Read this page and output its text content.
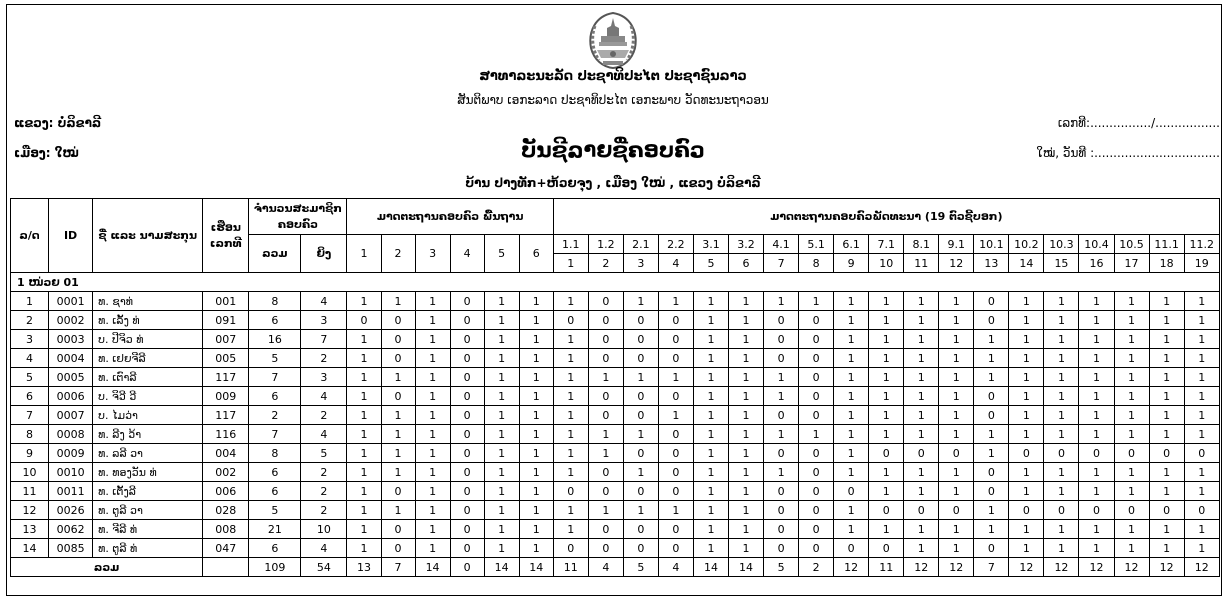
ສາທາລະນະລັດ ປະຊາທິປະໄຕ ປະຊາຊົນລາວ
ສັນຕິພາບ ເອກະລາດ ປະຊາທິປະໄຕ ເອກະພາບ ວັດທະນະຖາວອນ
ແຂວງ: ບໍ່ລິຂາລີ
ເມືອງ: ໃໝ່
ເລກທີ:................/.................
ໃໝ່, ວັນທີ :.................................
ບັນຊີລາຍຊື່ຄອບຄົວ
ບ້ານ ປາງທັກ+ຫ້ວຍຈຸງ , ເມືອງ ໃໝ່ , ແຂວງ ບໍ່ລິຂາລີ
ລ/ດ	ID	ຊື່ ແລະ ນາມສະກຸນ	ເຮືອນ ເລກທີ	ຈຳນວນສະມາຊິກ ຄອບຄົວ		ມາດຕະຖານຄອບຄົວ ພື້ນຖານ						ມາດຕະຖານຄອບຄົວພັດທະນາ (19 ຕົວຊີ້ບອກ)																		
				ລວມ	ຍິງ	1	2	3	4	5	6	1.1	1.2	2.1	2.2	3.1	3.2	4.1	5.1	6.1	7.1	8.1	9.1	10.1	10.2	10.3	10.4	10.5	11.1	11.2
												1	2	3	4	5	6	7	8	9	10	11	12	13	14	15	16	17	18	19
1 ໜ່ວຍ 01																														
1	0001	ທ. ຊາທ່	001	8	4	1	1	1	0	1	1	1	0	1	1	1	1	1	1	1	1	1	1	0	1	1	1	1	1	1
2	0002	ທ. ເລັ້ງ ທ່	091	6	3	0	0	1	0	1	1	0	0	0	0	1	1	0	0	1	1	1	1	0	1	1	1	1	1	1
3	0003	ບ. ປີຈິວ ທ່	007	16	7	1	0	1	0	1	1	1	0	0	0	1	1	0	0	1	1	1	1	1	1	1	1	1	1	1
4	0004	ທ. ເຢຍຈີລີ	005	5	2	1	0	1	0	1	1	1	0	0	0	1	1	0	0	1	1	1	1	1	1	1	1	1	1	1
5	0005	ທ. ເຕົາລີ	117	7	3	1	1	1	0	1	1	1	1	1	1	1	1	1	0	1	1	1	1	1	1	1	1	1	1	1
6	0006	ບ. ຈິວີ ວີ	009	6	4	1	0	1	0	1	1	1	0	0	0	1	1	1	0	1	1	1	1	0	1	1	1	1	1	1
7	0007	ບ. ໄມວ່າ	117	2	2	1	1	1	0	1	1	1	0	0	1	1	1	0	0	1	1	1	1	0	1	1	1	1	1	1
8	0008	ທ. ລີງ ວ້າ	116	7	4	1	1	1	0	1	1	1	1	1	0	1	1	1	1	1	1	1	1	1	1	1	1	1	1	1
9	0009	ທ. ລລີ ວາ	004	8	5	1	1	1	0	1	1	1	1	0	0	1	1	0	0	1	0	0	0	1	0	0	0	0	0	0
10	0010	ທ. ທອງວັນ ທ່	002	6	2	1	1	1	0	1	1	1	0	1	0	1	1	1	0	1	1	1	1	0	1	1	1	1	1	1
11	0011	ທ. ເຕັ້ງລີ	006	6	2	1	0	1	0	1	1	0	0	0	0	1	1	0	0	0	1	1	1	0	1	1	1	1	1	1
12	0026	ທ. ຕູລີ ວາ	028	5	2	1	1	1	0	1	1	1	1	1	1	1	1	0	0	1	0	0	0	1	0	0	0	0	0	0
13	0062	ທ. ຈີລີ ທ່	008	21	10	1	0	1	0	1	1	1	0	0	0	1	1	0	0	1	1	1	1	1	1	1	1	1	1	1
14	0085	ທ. ຕູລີ ທ່	047	6	4	1	0	1	0	1	1	0	0	0	0	1	1	0	0	0	0	1	1	0	1	1	1	1	1	1
ລວມ				109	54	13	7	14	0	14	14	11	4	5	4	14	14	5	2	12	11	12	12	7	12	12	12	12	12	12
